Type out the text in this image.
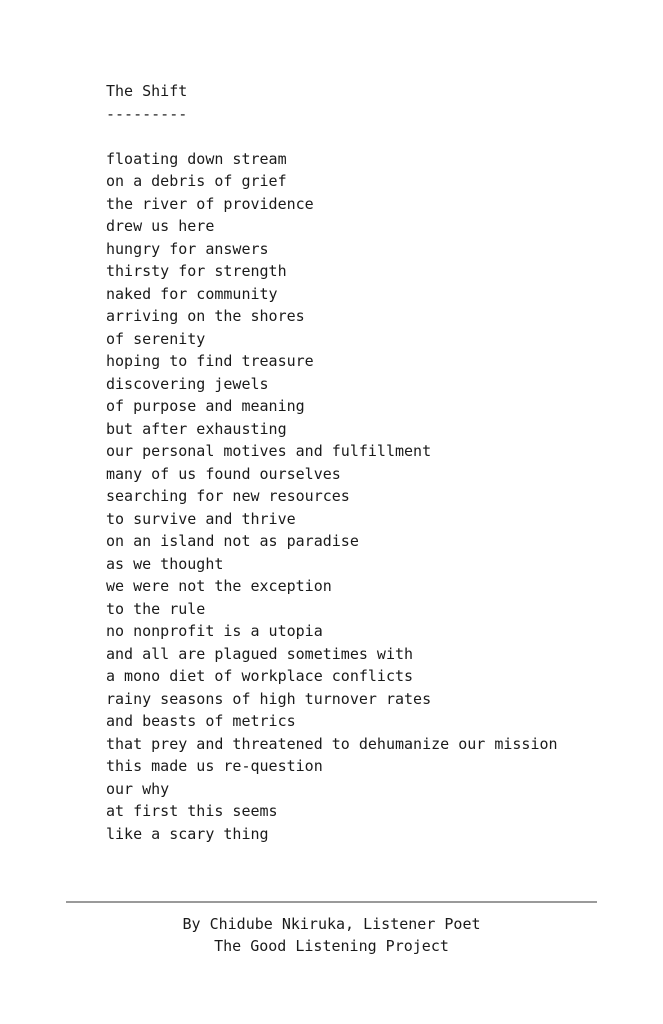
The Shift
---------
floating down stream
on a debris of grief
the river of providence
drew us here
hungry for answers
thirsty for strength
naked for community
arriving on the shores
of serenity
hoping to find treasure
discovering jewels
of purpose and meaning
but after exhausting
our personal motives and fulfillment
many of us found ourselves
searching for new resources
to survive and thrive
on an island not as paradise
as we thought
we were not the exception
to the rule
no nonprofit is a utopia
and all are plagued sometimes with
a mono diet of workplace conflicts
rainy seasons of high turnover rates
and beasts of metrics
that prey and threatened to dehumanize our mission
this made us re-question
our why
at first this seems
like a scary thing
By Chidube Nkiruka, Listener Poet
The Good Listening Project
